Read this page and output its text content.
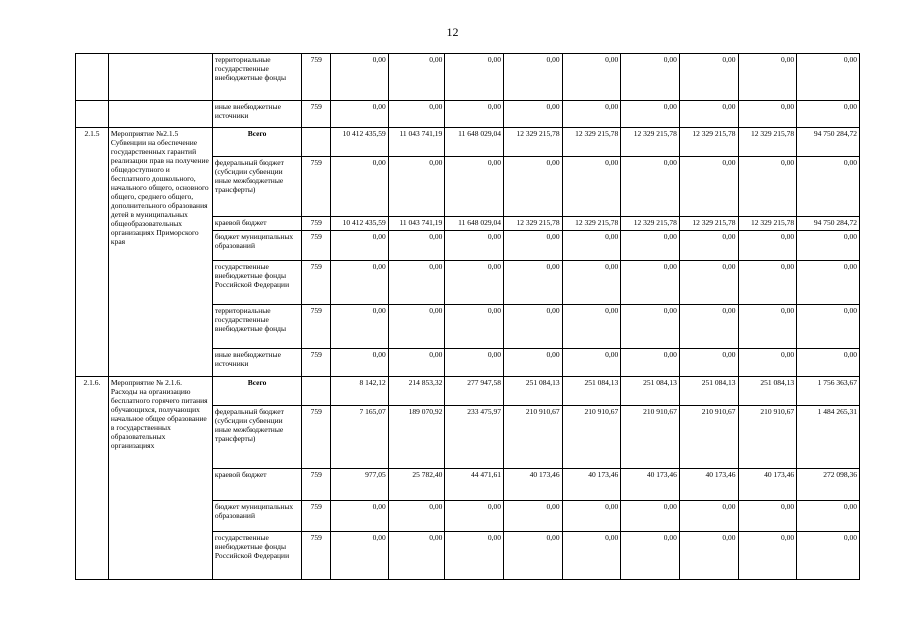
12
		территориальные государственные внебюджетные фонды	759	0,00	0,00	0,00	0,00	0,00	0,00	0,00	0,00	0,00
		иные внебюджетные источники	759	0,00	0,00	0,00	0,00	0,00	0,00	0,00	0,00	0,00
2.1.5	Мероприятие №2.1.5 Субвенции на обеспечение государственных гарантий реализации прав на получение общедоступного и бесплатного дошкольного, начального общего, основного общего, среднего общего, дополнительного образования детей в муниципальных общеобразовательных организациях Приморского края	Всего		10 412 435,59	11 043 741,19	11 648 029,04	12 329 215,78	12 329 215,78	12 329 215,78	12 329 215,78	12 329 215,78	94 750 284,72
		федеральный бюджет (субсидии субвенции иные межбюджетные трансферты)	759	0,00	0,00	0,00	0,00	0,00	0,00	0,00	0,00	0,00
		краевой бюджет	759	10 412 435,59	11 043 741,19	11 648 029,04	12 329 215,78	12 329 215,78	12 329 215,78	12 329 215,78	12 329 215,78	94 750 284,72
		бюджет муниципальных образований	759	0,00	0,00	0,00	0,00	0,00	0,00	0,00	0,00	0,00
		государственные внебюджетные фонды Российской Федерации	759	0,00	0,00	0,00	0,00	0,00	0,00	0,00	0,00	0,00
		территориальные государственные внебюджетные фонды	759	0,00	0,00	0,00	0,00	0,00	0,00	0,00	0,00	0,00
		иные внебюджетные источники	759	0,00	0,00	0,00	0,00	0,00	0,00	0,00	0,00	0,00
2.1.6.	Мероприятие № 2.1.6. Расходы на организацию бесплатного горячего питания обучающихся, получающих начальное общее образование в государственных образовательных организациях	Всего		8 142,12	214 853,32	277 947,58	251 084,13	251 084,13	251 084,13	251 084,13	251 084,13	1 756 363,67
		федеральный бюджет (субсидии субвенции иные межбюджетные трансферты)	759	7 165,07	189 070,92	233 475,97	210 910,67	210 910,67	210 910,67	210 910,67	210 910,67	1 484 265,31
		краевой бюджет	759	977,05	25 782,40	44 471,61	40 173,46	40 173,46	40 173,46	40 173,46	40 173,46	272 098,36
		бюджет муниципальных образований	759	0,00	0,00	0,00	0,00	0,00	0,00	0,00	0,00	0,00
		государственные внебюджетные фонды Российской Федерации	759	0,00	0,00	0,00	0,00	0,00	0,00	0,00	0,00	0,00
